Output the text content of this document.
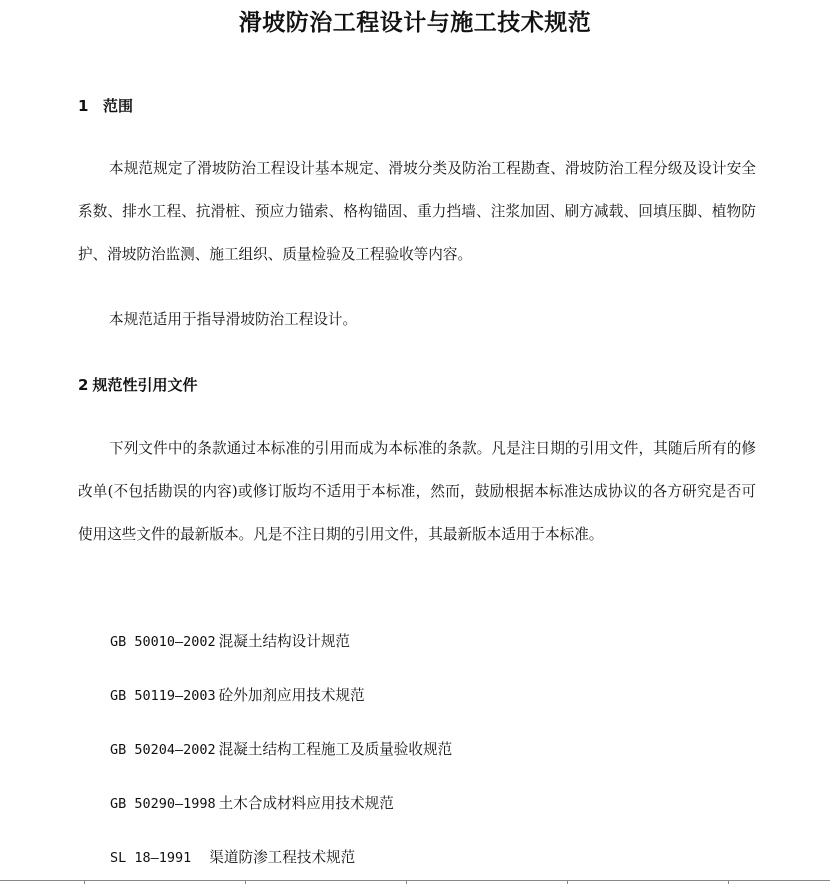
滑坡防治工程设计与施工技术规范
1 范围

本规范规定了滑坡防治工程设计基本规定、滑坡分类及防治工程勘查、滑坡防治工程分级及设计安全系数、排水工程、抗滑桩、预应力锚索、格构锚固、重力挡墙、注浆加固、刷方减载、回填压脚、植物防护、滑坡防治监测、施工组织、质量检验及工程验收等内容。

本规范适用于指导滑坡防治工程设计。

2 规范性引用文件

下列文件中的条款通过本标准的引用而成为本标准的条款。凡是注日期的引用文件，其随后所有的修改单(不包括勘误的内容)或修订版均不适用于本标准，然而，鼓励根据本标准达成协议的各方研究是否可使用这些文件的最新版本。凡是不注日期的引用文件，其最新版本适用于本标准。

GB 50010—2002 混凝土结构设计规范
GB 50119—2003 砼外加剂应用技术规范
GB 50204—2002 混凝土结构工程施工及质量验收规范
GB 50290—1998 土木合成材料应用技术规范
SL 18—1991 渠道防渗工程技术规范
